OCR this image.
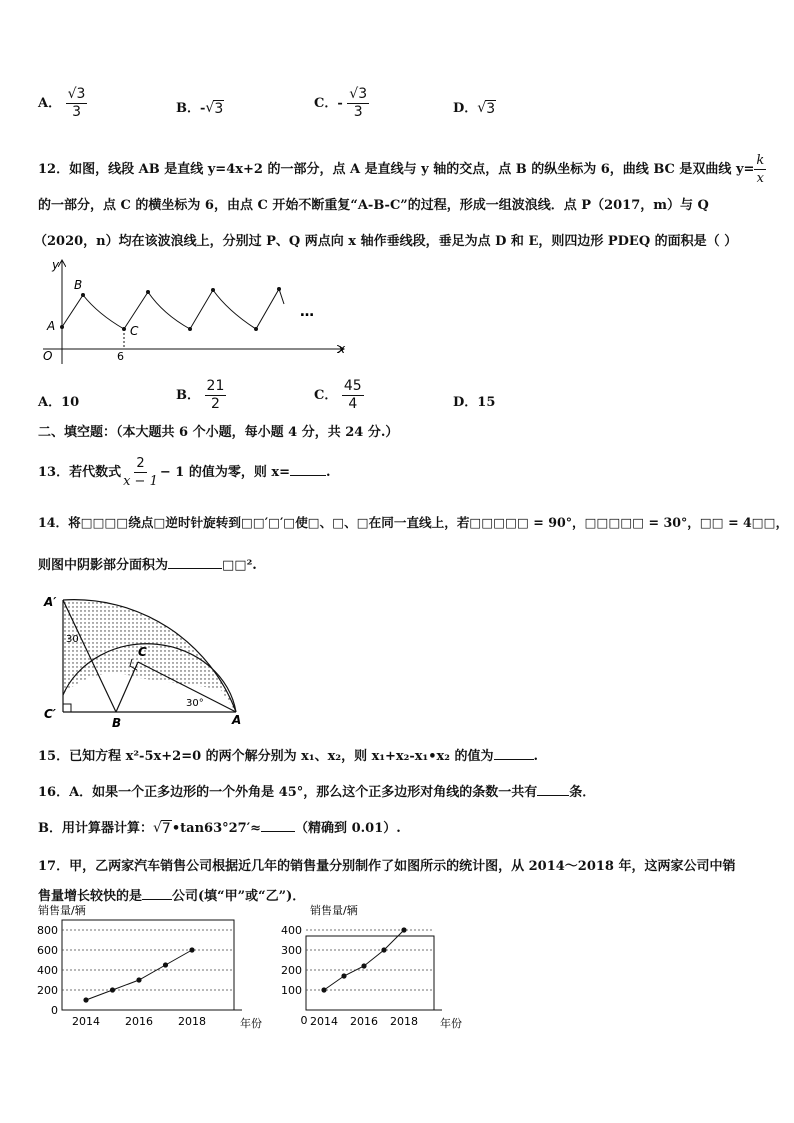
A． $\frac{√3}{3}$	B．-√ 3	C．- $\frac{√3}{3}$	D．√ 3
12．如图，线段 AB 是直线 y=4x+2 的一部分，点 A 是直线与 y 轴的交点，点 B 的纵坐标为 6，曲线 BC 是双曲线 $y= \frac{k}{x}$
的一部分，点 C 的横坐标为 6，由点 C 开始不断重复“A-B-C”的过程，形成一组波浪线．点 P（2017，m）与 Q
（2020，n）均在该波浪线上，分别过 P、Q 两点向 x 轴作垂线段，垂足为点 D 和 E，则四边形 PDEQ 的面积是（ ）
y
x
O
A
B
C
6
…
A．10	B． $\frac{21}{2}$	C． $\frac{45}{4}$	D．15
二、填空题：（本大题共 6 个小题，每小题 4 分，共 24 分.）
13．若代数式 $\frac{2}{x - 1} - 1$ 的值为零，则 x=	.
14．将□□□□绕点□逆时针旋转到□□′□′□使□、□、□在同一直线上，若□□□□□ = 90°，□□□□□ = 30°，□□ = 4□□，
则图中阴影部分面积为	□□².
A′
C′
B	A
C
30
30°
15．已知方程 x²-5x+2=0 的两个解分别为 x₁、x₂，则 x₁+x₂-x₁•x₂ 的值为	.
16．A．如果一个正多边形的一个外角是 45°，那么这个正多边形对角线的条数一共有 条．
B．用计算器计算：√ 7 •tan63°27′≈	（精确到 0.01）.
17．甲，乙两家汽车销售公司根据近几年的销售量分别制作了如图所示的统计图，从 2014～2018 年，这两家公司中销
售量增长较快的是 公司(填“甲”或“乙”)．
0
200
400
600
800
2014 2016 2018
销售量/辆
年份
100
200
300
400
0 2014 2016 2018
销售量/辆
年份
